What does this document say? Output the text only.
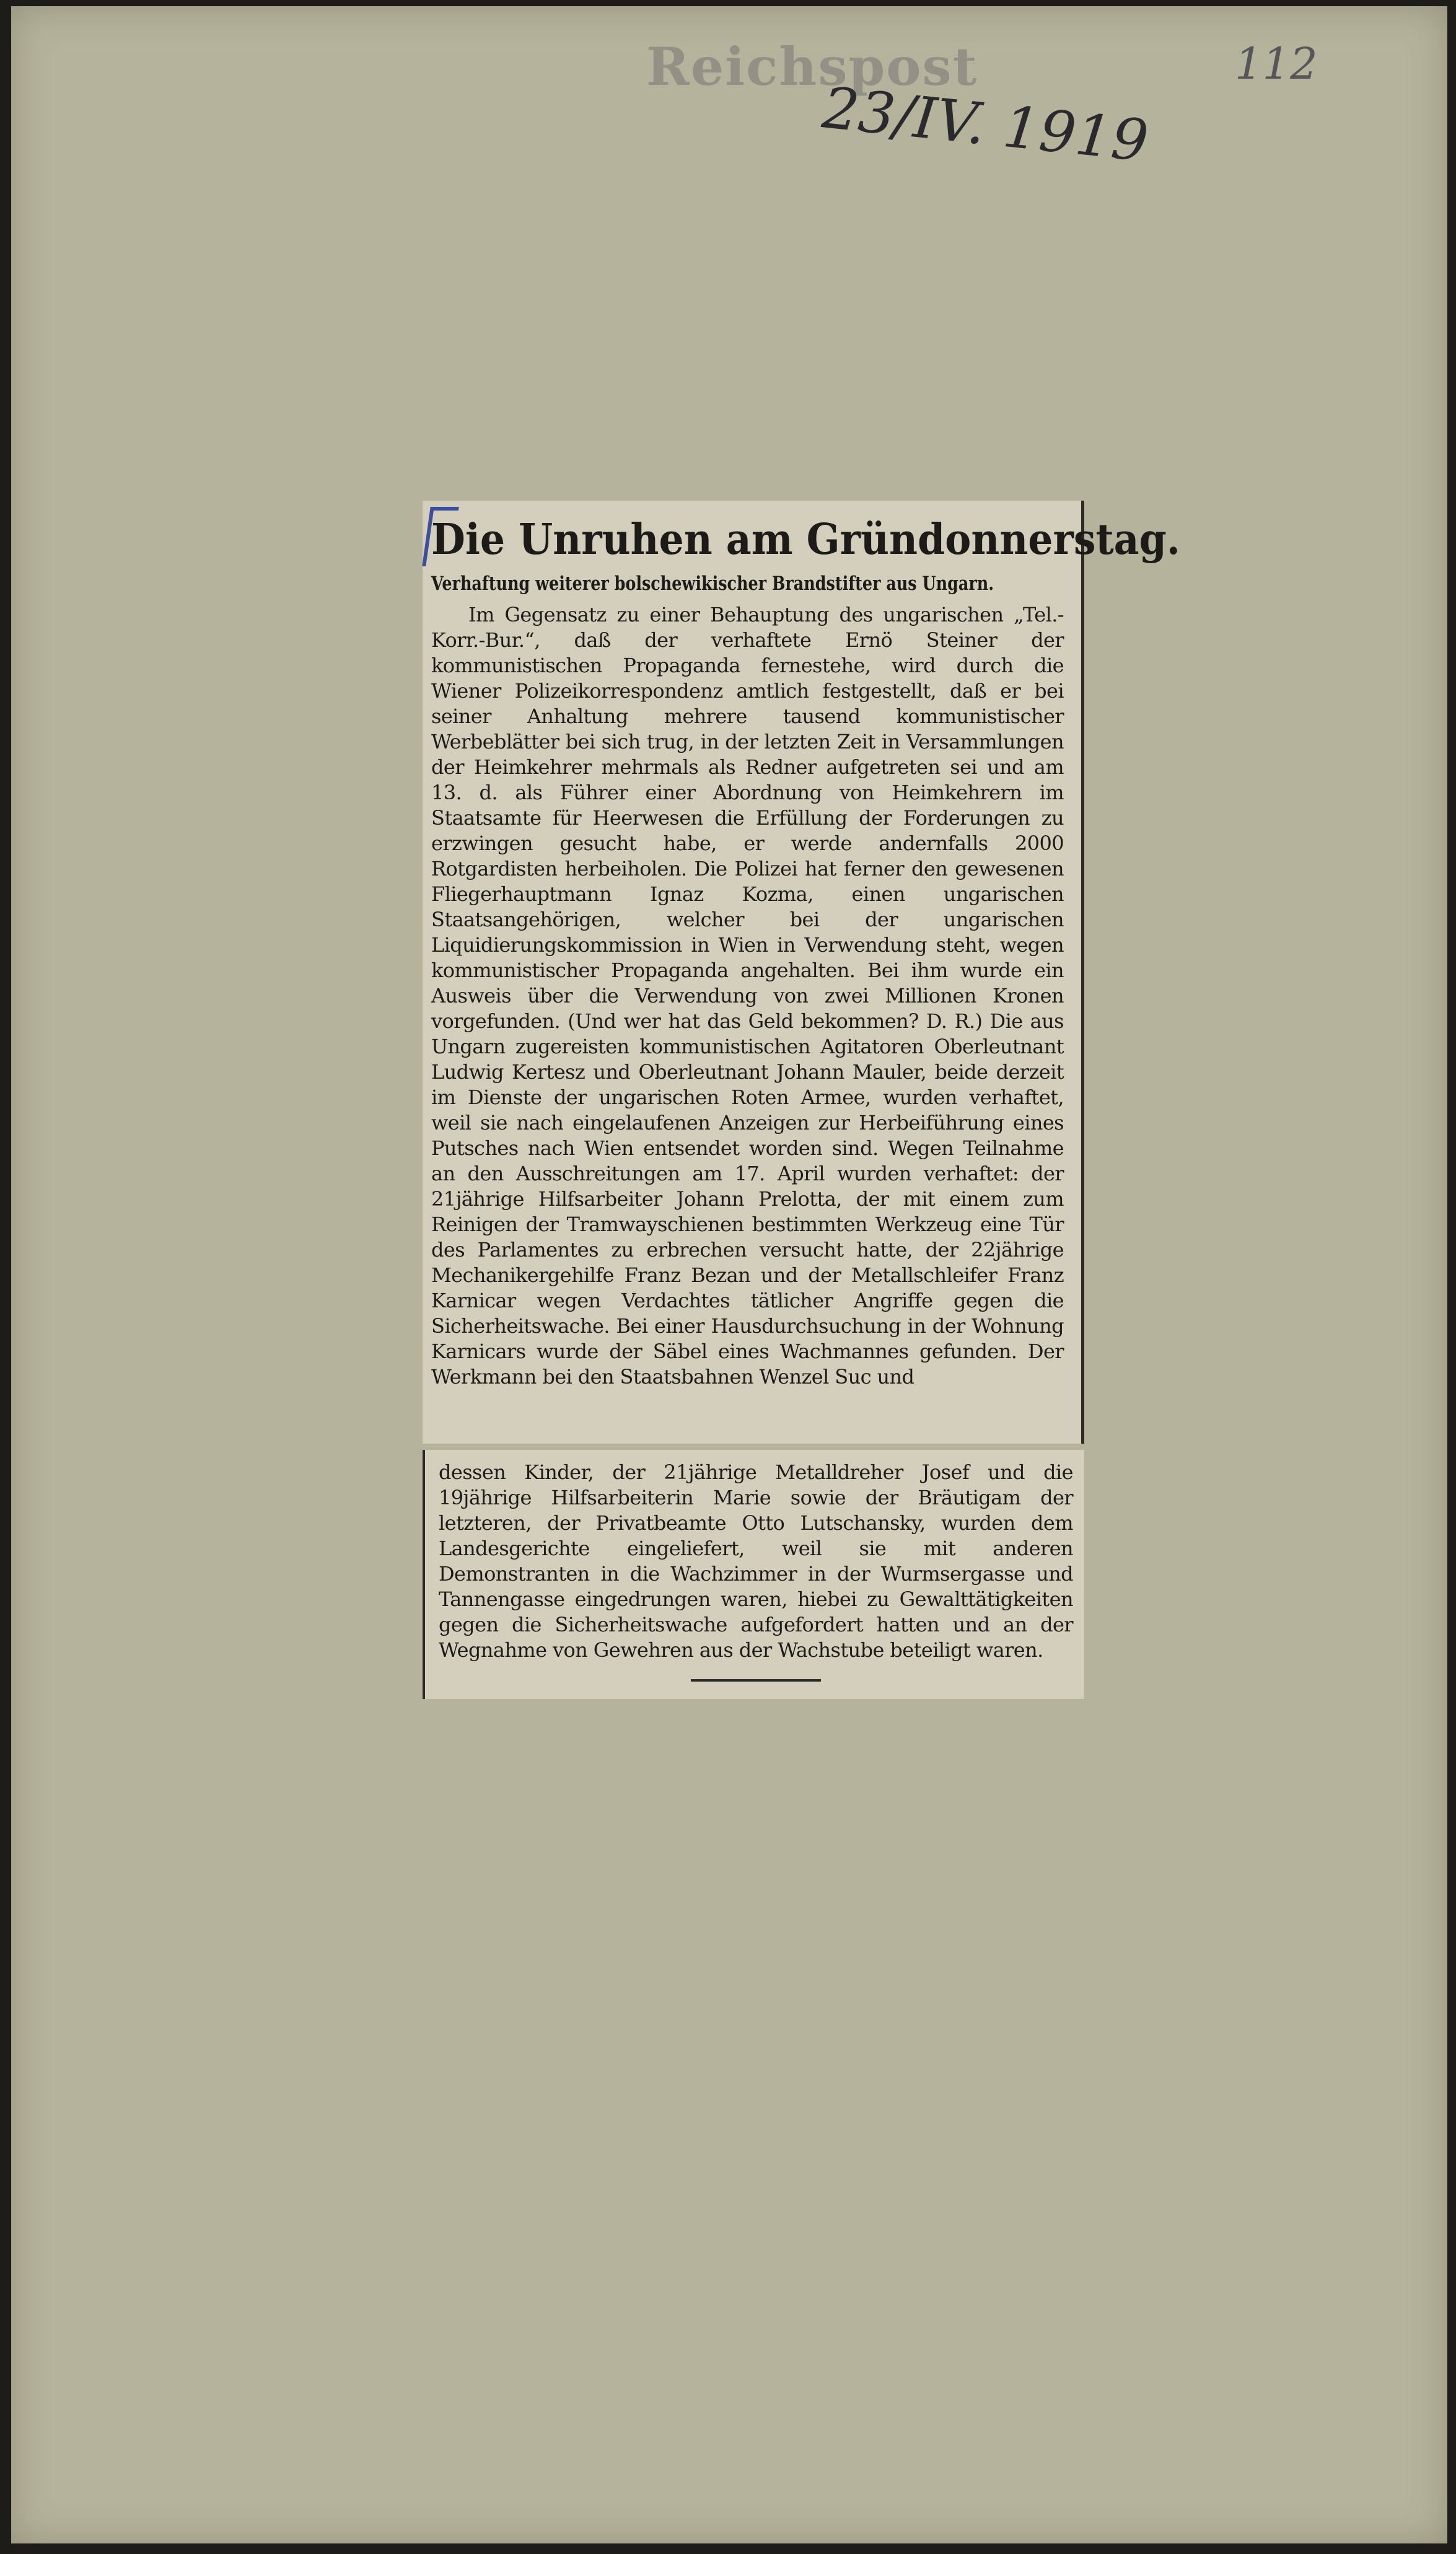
Reichspost
23/IV. 1919
112
Die Unruhen am Gründonnerstag.
Verhaftung weiterer bolschewikischer Brandstifter aus Ungarn.

Im Gegensatz zu einer Behauptung des ungarischen „Tel.-Korr.-Bur.“, daß der verhaftete Ernö Steiner der kommunistischen Propaganda fernestehe, wird durch die Wiener Polizeikorrespondenz amtlich festgestellt, daß er bei seiner Anhaltung mehrere tausend kommunistischer Werbeblätter bei sich trug, in der letzten Zeit in Versammlungen der Heimkehrer mehrmals als Redner aufgetreten sei und am 13. d. als Führer einer Abordnung von Heimkehrern im Staatsamte für Heerwesen die Erfüllung der Forderungen zu erzwingen gesucht habe, er werde andernfalls 2000 Rotgardisten herbeiholen. Die Polizei hat ferner den gewesenen Fliegerhauptmann Ignaz Kozma, einen ungarischen Staatsangehörigen, welcher bei der ungarischen Liquidierungskommission in Wien in Verwendung steht, wegen kommunistischer Propaganda angehalten. Bei ihm wurde ein Ausweis über die Verwendung von zwei Millionen Kronen vorgefunden. (Und wer hat das Geld bekommen? D. R.) Die aus Ungarn zugereisten kommunistischen Agitatoren Oberleutnant Ludwig Kertesz und Oberleutnant Johann Mauler, beide derzeit im Dienste der ungarischen Roten Armee, wurden verhaftet, weil sie nach eingelaufenen Anzeigen zur Herbeiführung eines Putsches nach Wien entsendet worden sind. Wegen Teilnahme an den Ausschreitungen am 17. April wurden verhaftet: der 21jährige Hilfsarbeiter Johann Prelotta, der mit einem zum Reinigen der Tramwayschienen bestimmten Werkzeug eine Tür des Parlamentes zu erbrechen versucht hatte, der 22jährige Mechanikergehilfe Franz Bezan und der Metallschleifer Franz Karnicar wegen Verdachtes tätlicher Angriffe gegen die Sicherheitswache. Bei einer Hausdurchsuchung in der Wohnung Karnicars wurde der Säbel eines Wachmannes gefunden. Der Werkmann bei den Staatsbahnen Wenzel Suc und

dessen Kinder, der 21jährige Metalldreher Josef und die 19jährige Hilfsarbeiterin Marie sowie der Bräutigam der letzteren, der Privatbeamte Otto Lutschansky, wurden dem Landesgerichte eingeliefert, weil sie mit anderen Demonstranten in die Wachzimmer in der Wurmsergasse und Tannengasse eingedrungen waren, hiebei zu Gewalttätigkeiten gegen die Sicherheitswache aufgefordert hatten und an der Wegnahme von Gewehren aus der Wachstube beteiligt waren.
